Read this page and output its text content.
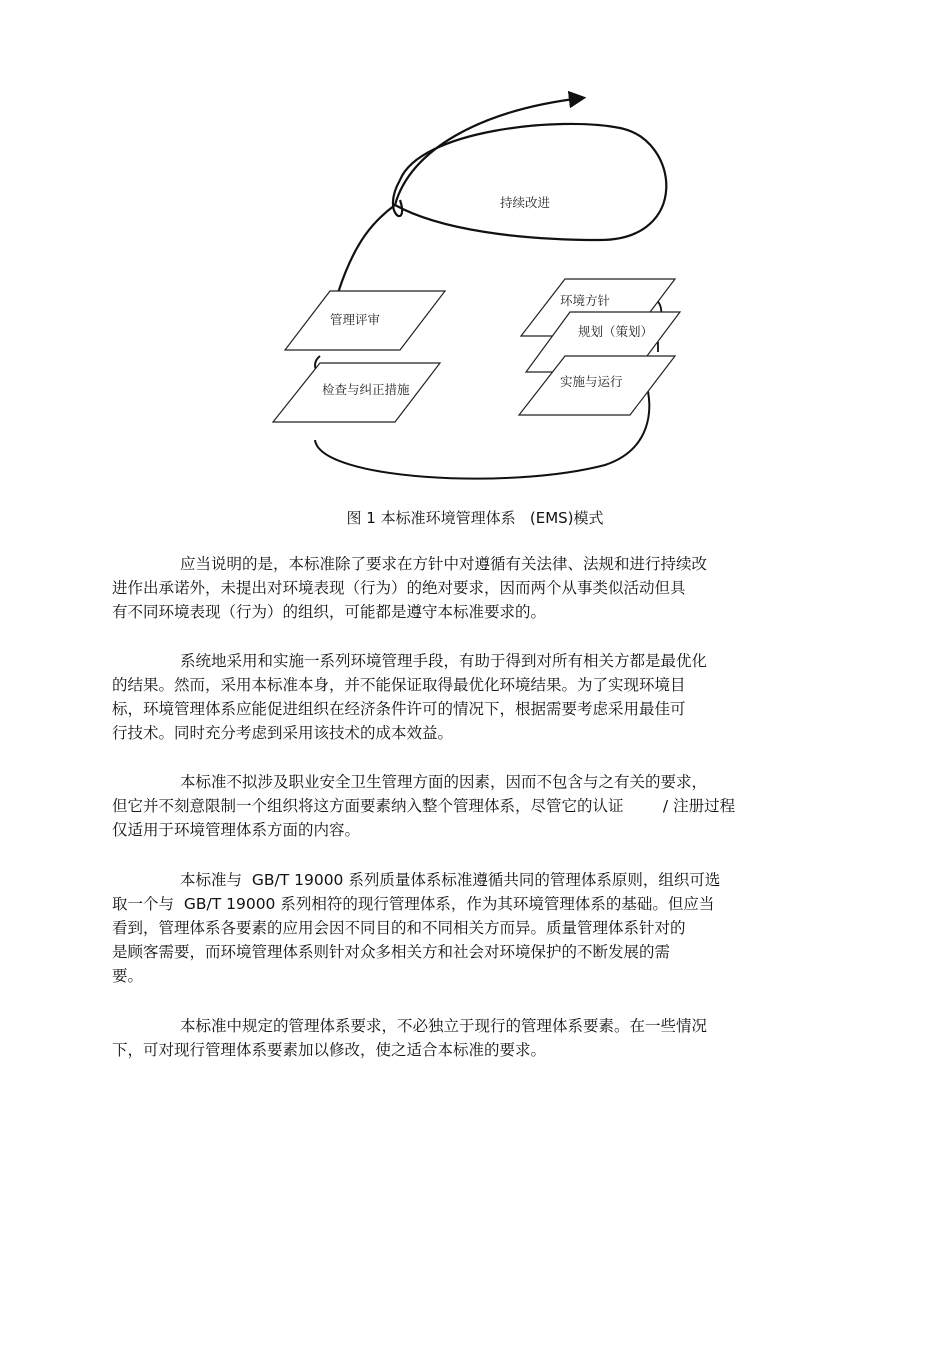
管理评审
检查与纠正措施
环境方针
规划（策划）
实施与运行
持续改进
图 1 本标准环境管理体系   (EMS)模式
应当说明的是，本标准除了要求在方针中对遵循有关法律、法规和进行持续改
进作出承诺外，未提出对环境表现（行为）的绝对要求，因而两个从事类似活动但具
有不同环境表现（行为）的组织，可能都是遵守本标准要求的。
系统地采用和实施一系列环境管理手段，有助于得到对所有相关方都是最优化
的结果。然而，采用本标准本身，并不能保证取得最优化环境结果。为了实现环境目
标，环境管理体系应能促进组织在经济条件许可的情况下，根据需要考虑采用最佳可
行技术。同时充分考虑到采用该技术的成本效益。
本标准不拟涉及职业安全卫生管理方面的因素，因而不包含与之有关的要求，
但它并不刻意限制一个组织将这方面要素纳入整个管理体系，尽管它的认证        / 注册过程
仅适用于环境管理体系方面的内容。
本标准与  GB/T 19000 系列质量体系标准遵循共同的管理体系原则，组织可选
取一个与  GB/T 19000 系列相符的现行管理体系，作为其环境管理体系的基础。但应当
看到，管理体系各要素的应用会因不同目的和不同相关方而异。质量管理体系针对的
是顾客需要，而环境管理体系则针对众多相关方和社会对环境保护的不断发展的需
要。
本标准中规定的管理体系要求，不必独立于现行的管理体系要素。在一些情况
下，可对现行管理体系要素加以修改，使之适合本标准的要求。
